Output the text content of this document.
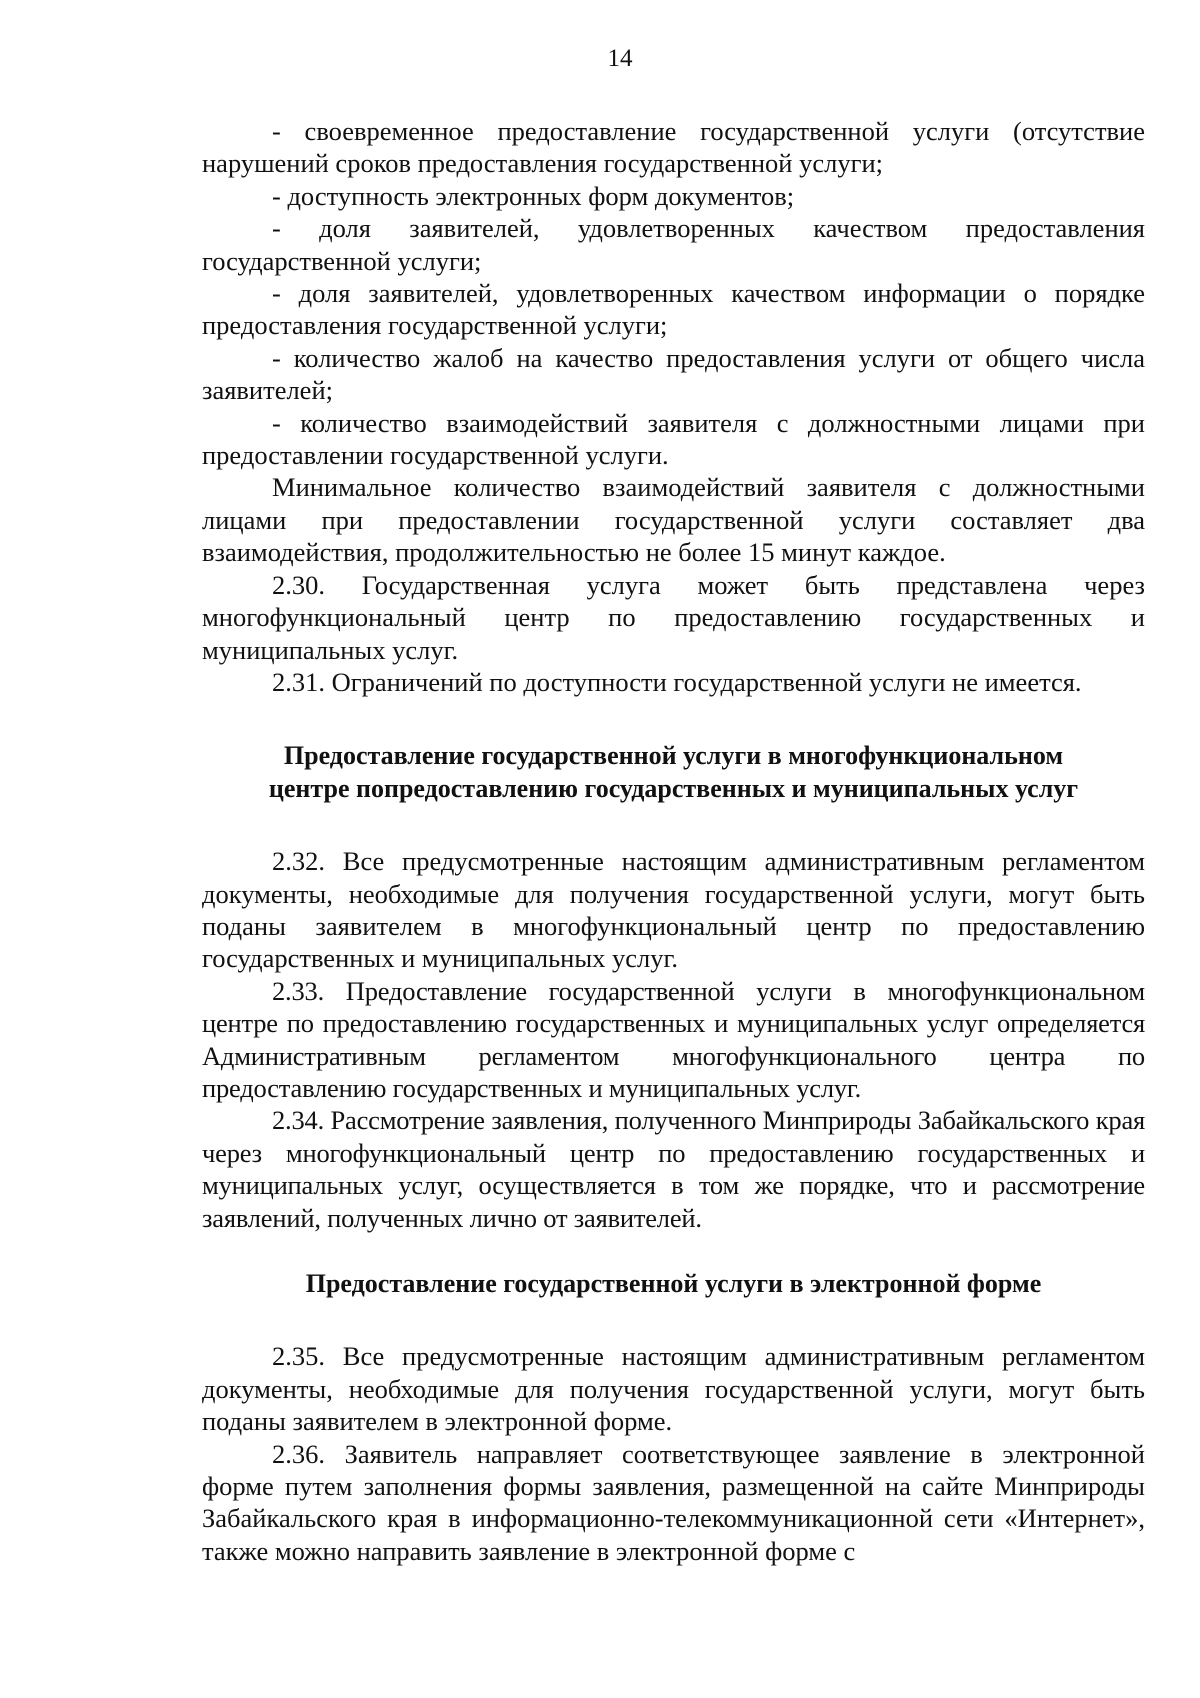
14

- своевременное предоставление государственной услуги (отсутствие нарушений сроков предоставления государственной услуги;

- доступность электронных форм документов;

- доля заявителей, удовлетворенных качеством предоставления государственной услуги;

- доля заявителей, удовлетворенных качеством информации о порядке предоставления государственной услуги;

- количество жалоб на качество предоставления услуги от общего числа заявителей;

- количество взаимодействий заявителя с должностными лицами при предоставлении государственной услуги.

Минимальное количество взаимодействий заявителя с должностными лицами при предоставлении государственной услуги составляет два взаимодействия, продолжительностью не более 15 минут каждое.

2.30. Государственная услуга может быть представлена через многофункциональный центр по предоставлению государственных и муниципальных услуг.

2.31. Ограничений по доступности государственной услуги не имеется.

Предоставление государственной услуги в многофункциональном
центре попредоставлению государственных и муниципальных услуг

2.32. Все предусмотренные настоящим административным регламентом документы, необходимые для получения государственной услуги, могут быть поданы заявителем в многофункциональный центр по предоставлению государственных и муниципальных услуг.

2.33. Предоставление государственной услуги в многофункциональном центре по предоставлению государственных и муниципальных услуг определяется Административным регламентом многофункционального центра по предоставлению государственных и муниципальных услуг.

2.34. Рассмотрение заявления, полученного Минприроды Забайкальского края через многофункциональный центр по предоставлению государственных и муниципальных услуг, осуществляется в том же порядке, что и рассмотрение заявлений, полученных лично от заявителей.

Предоставление государственной услуги в электронной форме

2.35. Все предусмотренные настоящим административным регламентом документы, необходимые для получения государственной услуги, могут быть поданы заявителем в электронной форме.

2.36. Заявитель направляет соответствующее заявление в электронной форме путем заполнения формы заявления, размещенной на сайте Минприроды Забайкальского края в информационно-телекоммуникационной сети «Интернет», также можно направить заявление в электронной форме с
